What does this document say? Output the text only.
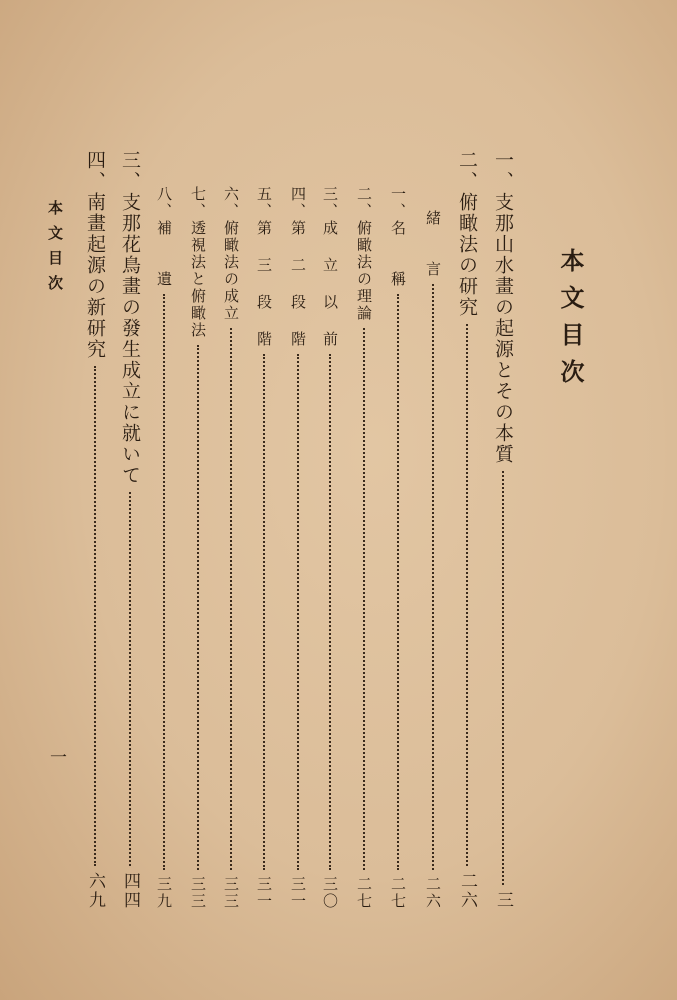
本文目次
一、支那山水畫の起源とその本質
三
二、俯瞰法の研究
二六
緒　　言
二六
一、名　　稱
二七
二、俯瞰法の理論
二七
三、成 立 以 前
三〇
四、第 二 段 階
三一
五、第 三 段 階
三一
六、俯瞰法の成立
三三
七、透視法と俯瞰法
三三
八、補　　遺
三九
三、支那花鳥畫の發生成立に就いて
四四
四、南畫起源の新研究
六九
本文目次
一
